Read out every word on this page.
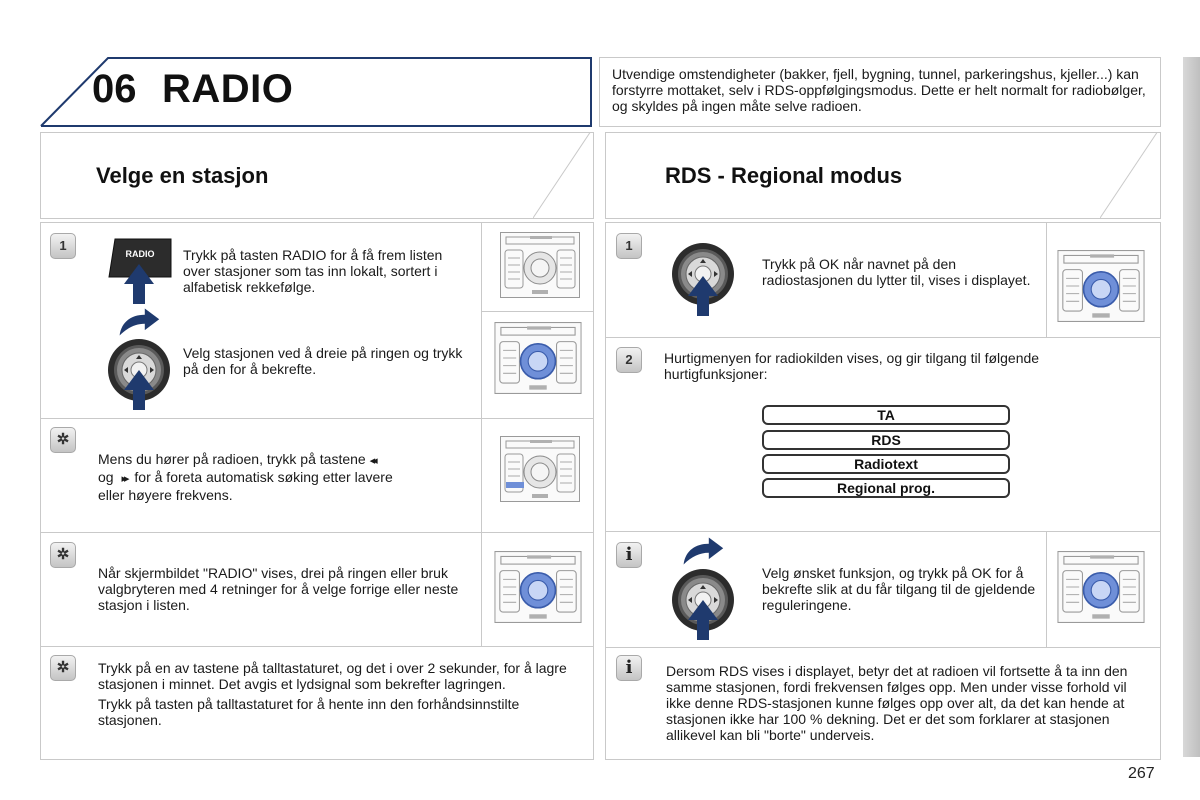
06 RADIO	Utvendige omstendigheter (bakker, fjell, bygning, tunnel, parkeringshus, kjeller...) kan forstyrre mottaket, selv i RDS-oppfølgingsmodus. Dette er helt normalt for radiobølger, og skyldes på ingen måte selve radioen.
Velge en stasjon	RDS - Regional modus
1
RADIO Trykk på tasten RADIO for å få frem listen over stasjoner som tas inn lokalt, sortert i alfabetisk rekkefølge.
Velg stasjonen ved å dreie på ringen og trykk på den for å bekrefte.
✲
Mens du hører på radioen, trykk på tastene ◂◂
og ▸▸ for å foreta automatisk søking etter lavere
eller høyere frekvens.
✲
Når skjermbildet "RADIO" vises, drei på ringen eller bruk valgbryteren med 4 retninger for å velge forrige eller neste stasjon i listen.
✲	Trykk på en av tastene på talltastaturet, og det i over 2 sekunder, for å lagre stasjonen i minnet. Det avgis et lydsignal som bekrefter lagringen.
Trykk på tasten på talltastaturet for å hente inn den forhåndsinnstilte stasjonen.
1
Trykk på OK når navnet på den radiostasjonen du lytter til, vises i displayet.
2	Hurtigmenyen for radiokilden vises, og gir tilgang til følgende hurtigfunksjoner:
TA
RDS
Radiotext
Regional prog.
i
Velg ønsket funksjon, og trykk på OK for å bekrefte slik at du får tilgang til de gjeldende reguleringene.
i	Dersom RDS vises i displayet, betyr det at radioen vil fortsette å ta inn den samme stasjonen, fordi frekvensen følges opp. Men under visse forhold vil ikke denne RDS-stasjonen kunne følges opp over alt, da det kan hende at stasjonen ikke har 100 % dekning. Det er det som forklarer at stasjonen allikevel kan bli "borte" underveis.
267
